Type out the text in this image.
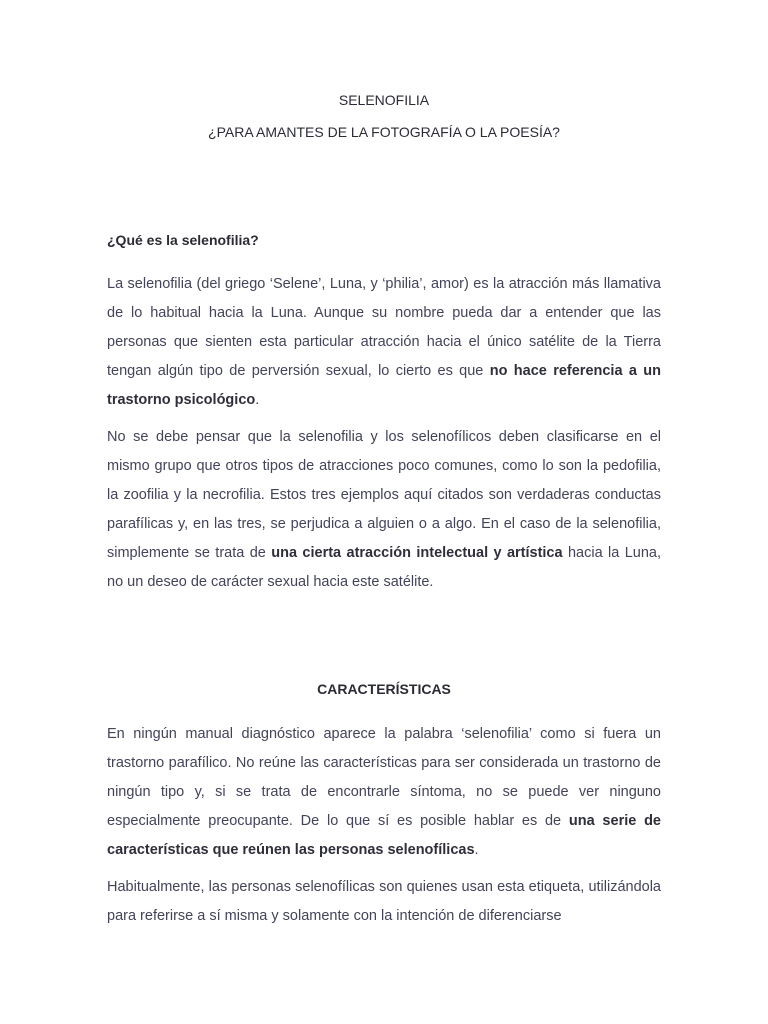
SELENOFILIA
¿PARA AMANTES DE LA FOTOGRAFÍA O LA POESÍA?
¿Qué es la selenofilia?

La selenofilia (del griego ‘Selene’, Luna, y ‘philia’, amor) es la atracción más llamativa de lo habitual hacia la Luna. Aunque su nombre pueda dar a entender que las personas que sienten esta particular atracción hacia el único satélite de la Tierra tengan algún tipo de perversión sexual, lo cierto es que no hace referencia a un trastorno psicológico.

No se debe pensar que la selenofilia y los selenofílicos deben clasificarse en el mismo grupo que otros tipos de atracciones poco comunes, como lo son la pedofilia, la zoofilia y la necrofilia. Estos tres ejemplos aquí citados son verdaderas conductas parafílicas y, en las tres, se perjudica a alguien o a algo. En el caso de la selenofilia, simplemente se trata de una cierta atracción intelectual y artística hacia la Luna, no un deseo de carácter sexual hacia este satélite.

CARACTERÍSTICAS

En ningún manual diagnóstico aparece la palabra ‘selenofilia’ como si fuera un trastorno parafílico. No reúne las características para ser considerada un trastorno de ningún tipo y, si se trata de encontrarle síntoma, no se puede ver ninguno especialmente preocupante. De lo que sí es posible hablar es de una serie de características que reúnen las personas selenofílicas.

Habitualmente, las personas selenofílicas son quienes usan esta etiqueta, utilizándola para referirse a sí misma y solamente con la intención de diferenciarse
